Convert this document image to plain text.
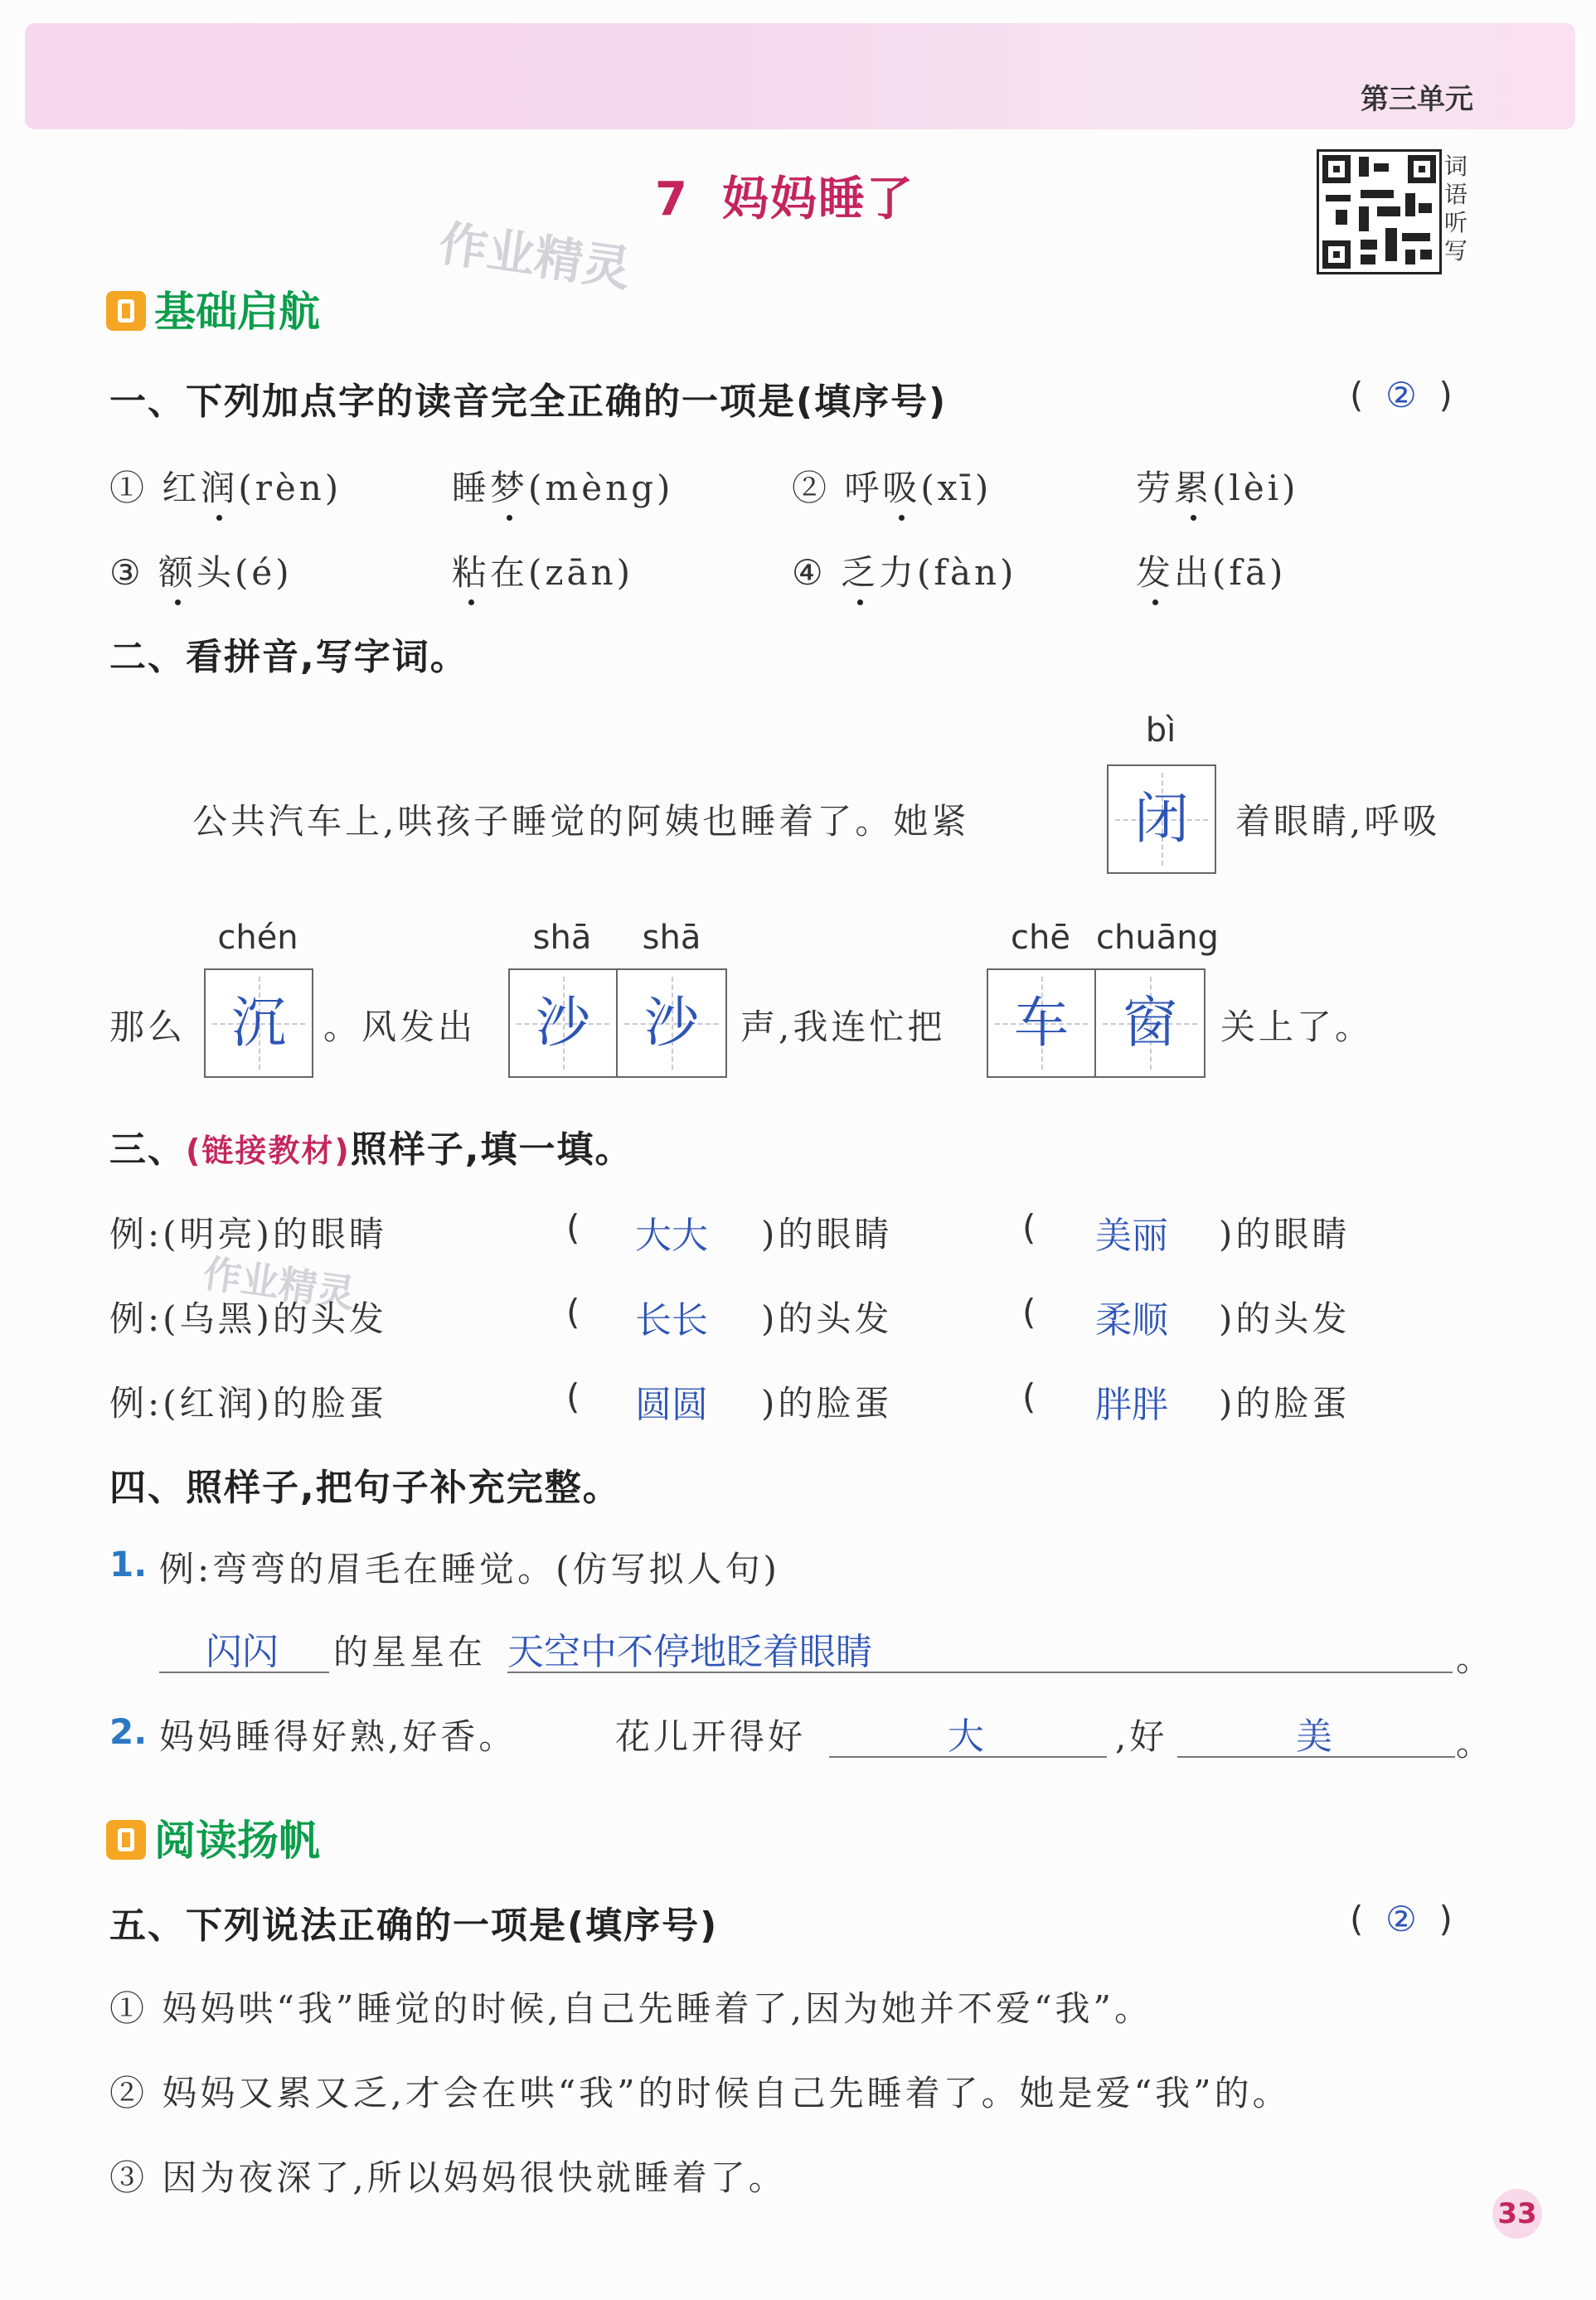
第三单元
7 妈妈睡了
作业精灵
作业精灵
词
语
听
写
基础启航
一、下列加点字的读音完全正确的一项是(填序号)	(  ②  )
① 红润(rèn)	睡梦(mèng)	② 呼吸(xī)	劳累(lèi)
③ 额头(é)	粘在(zān)	④ 乏力(fàn)	发出(fā)
二、看拼音,写字词。
bì
公共汽车上,哄孩子睡觉的阿姨也睡着了。她紧	闭	着眼睛,呼吸
chén	shā	shā	chē chuāng
那么 沉	。风发出	沙 沙	声,我连忙把	车 窗	关上了。
三、(链接教材)照样子,填一填。
例:(明亮)的眼睛	(	大大	)的眼睛	(	美丽	)的眼睛
例:(乌黑)的头发	(	长长	)的头发	(	柔顺	)的头发
例:(红润)的脸蛋	(	圆圆	)的脸蛋	(	胖胖	)的脸蛋
四、照样子,把句子补充完整。
1. 例:弯弯的眉毛在睡觉。(仿写拟人句)
闪闪	的星星在 天空中不停地眨着眼睛	。
2. 妈妈睡得好熟,好香。	花儿开得好	大	,好	美	。
阅读扬帆
五、下列说法正确的一项是(填序号)	(  ②  )
① 妈妈哄“我”睡觉的时候,自己先睡着了,因为她并不爱“我”。
② 妈妈又累又乏,才会在哄“我”的时候自己先睡着了。她是爱“我”的。
③ 因为夜深了,所以妈妈很快就睡着了。
33
